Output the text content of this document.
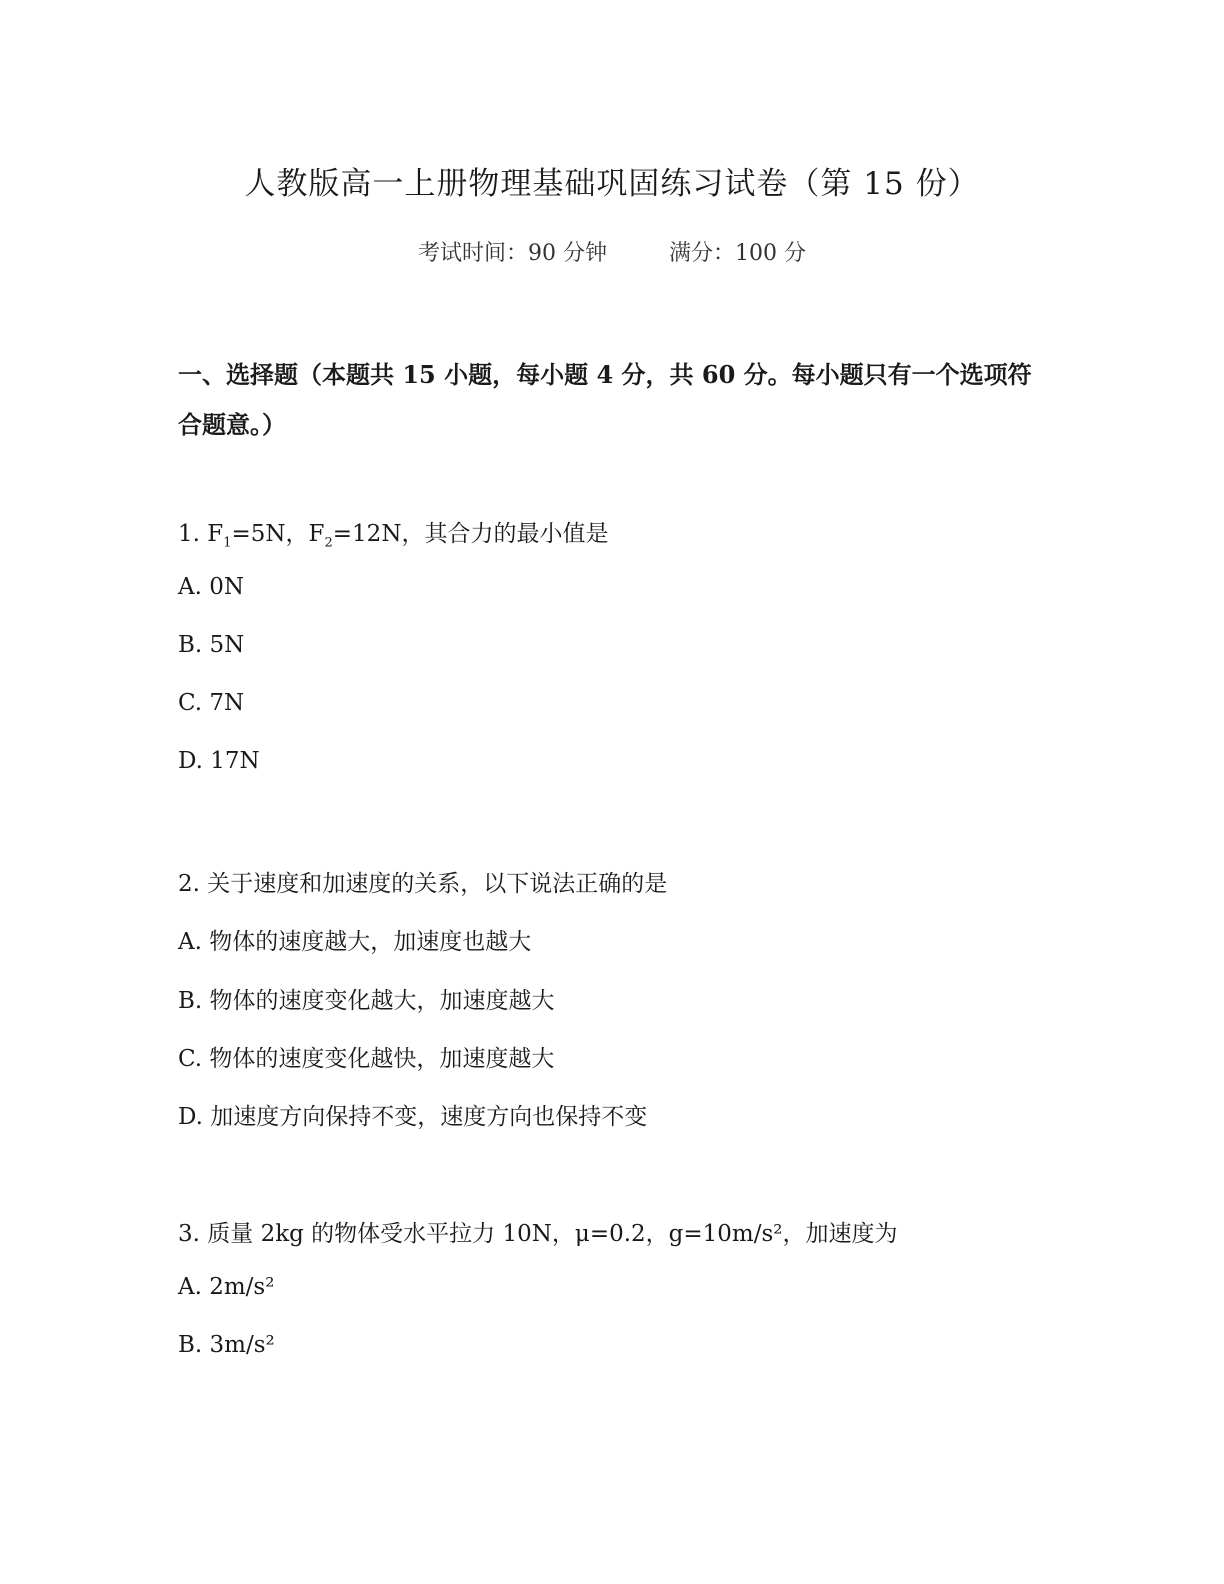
人教版高一上册物理基础巩固练习试卷（第 15 份）
考试时间：90 分钟	满分：100 分

一、选择题（本题共 15 小题，每小题 4 分，共 60 分。每小题只有一个选项符合题意。）

1. $F_1=5N$，$F_2=12N$，其合力的最小值是
A. 0N
B. 5N
C. 7N
D. 17N
2. 关于速度和加速度的关系，以下说法正确的是
A. 物体的速度越大，加速度也越大
B. 物体的速度变化越大，加速度越大
C. 物体的速度变化越快，加速度越大
D. 加速度方向保持不变，速度方向也保持不变
3. 质量 2kg 的物体受水平拉力 10N，μ=0.2，g=10m/s²，加速度为
A. 2m/s²
B. 3m/s²
